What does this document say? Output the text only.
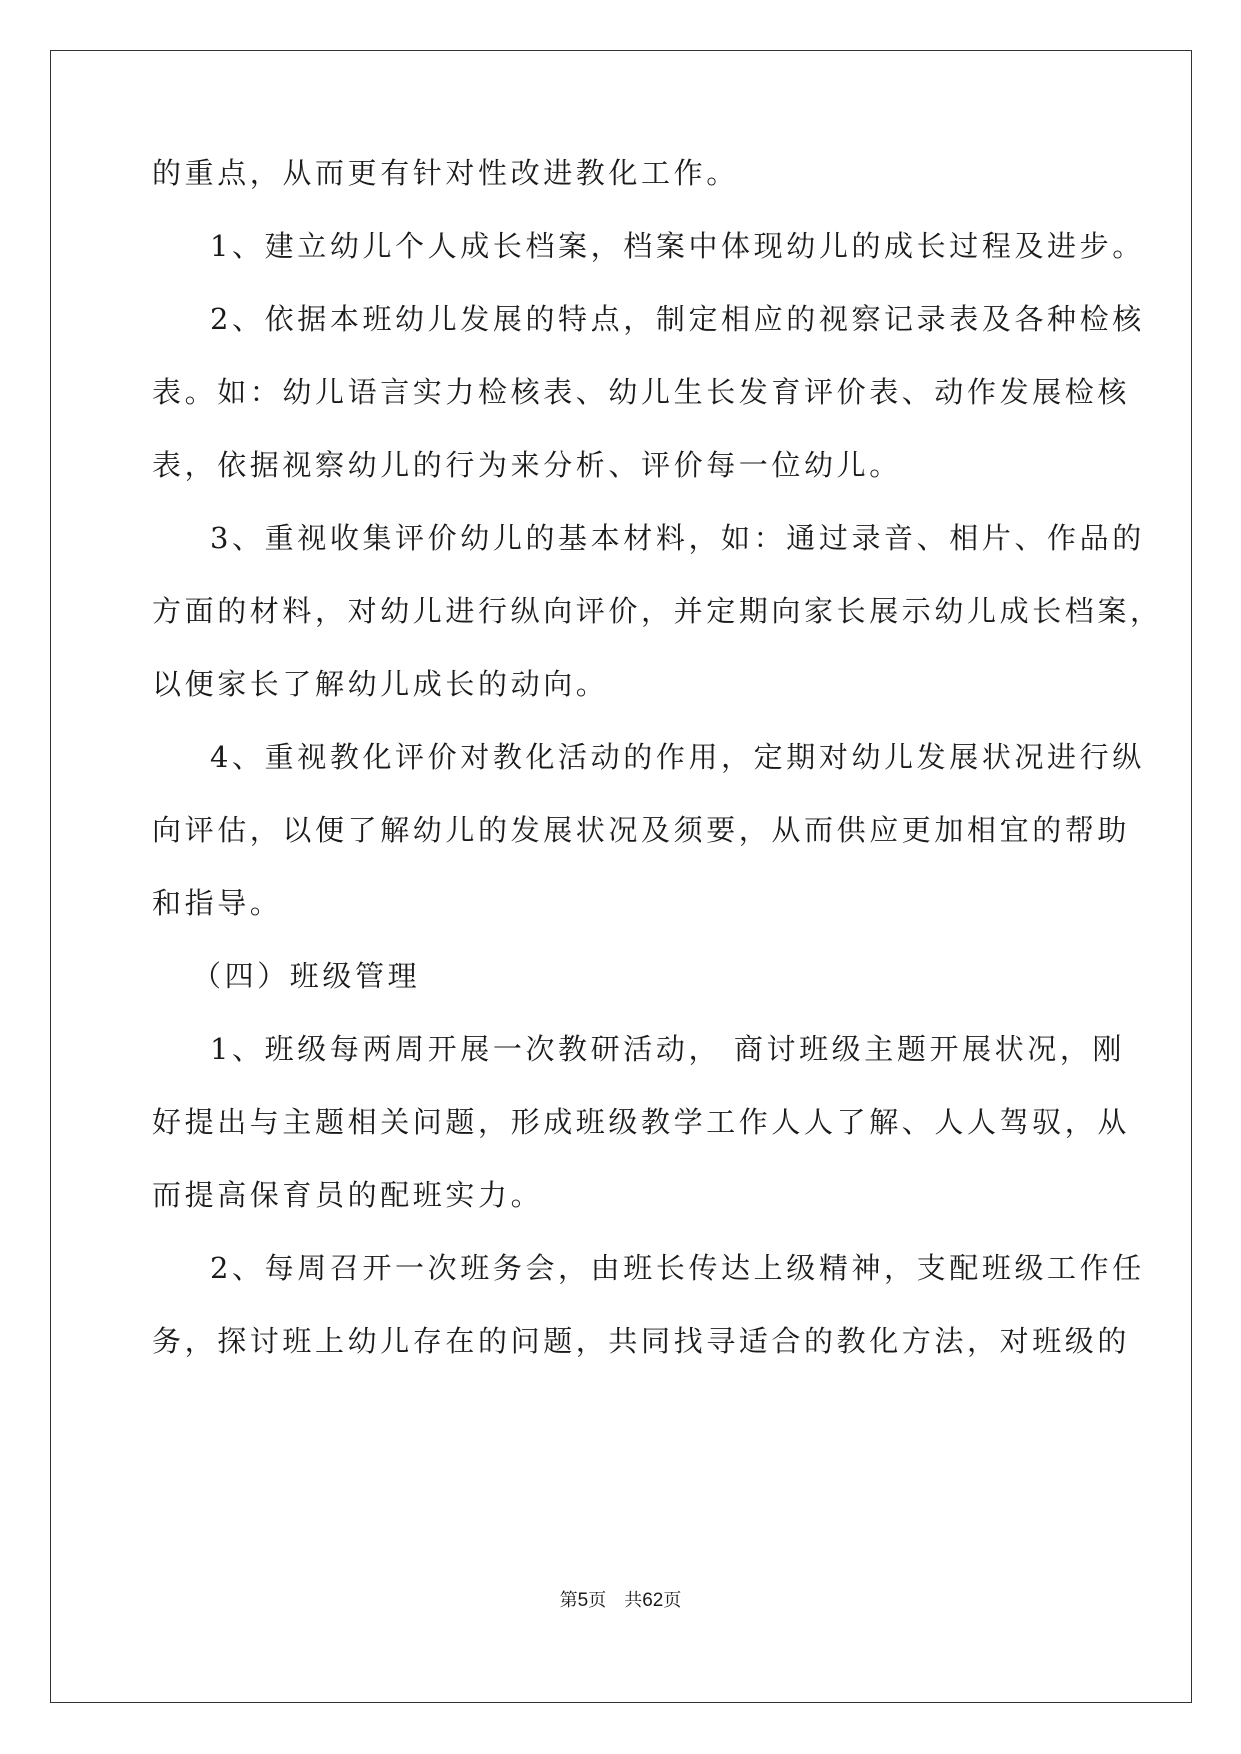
的重点，从而更有针对性改进教化工作。
1、建立幼儿个人成长档案，档案中体现幼儿的成长过程及进步。
2、依据本班幼儿发展的特点，制定相应的视察记录表及各种检核
表。如：幼儿语言实力检核表、幼儿生长发育评价表、动作发展检核
表，依据视察幼儿的行为来分析、评价每一位幼儿。
3、重视收集评价幼儿的基本材料，如：通过录音、相片、作品的
方面的材料，对幼儿进行纵向评价，并定期向家长展示幼儿成长档案，
以便家长了解幼儿成长的动向。
4、重视教化评价对教化活动的作用，定期对幼儿发展状况进行纵
向评估，以便了解幼儿的发展状况及须要，从而供应更加相宜的帮助
和指导。
（四）班级管理
1、班级每两周开展一次教研活动， 商讨班级主题开展状况，刚
好提出与主题相关问题，形成班级教学工作人人了解、人人驾驭，从
而提高保育员的配班实力。
2、每周召开一次班务会，由班长传达上级精神，支配班级工作任
务，探讨班上幼儿存在的问题，共同找寻适合的教化方法，对班级的
第5页　共62页
